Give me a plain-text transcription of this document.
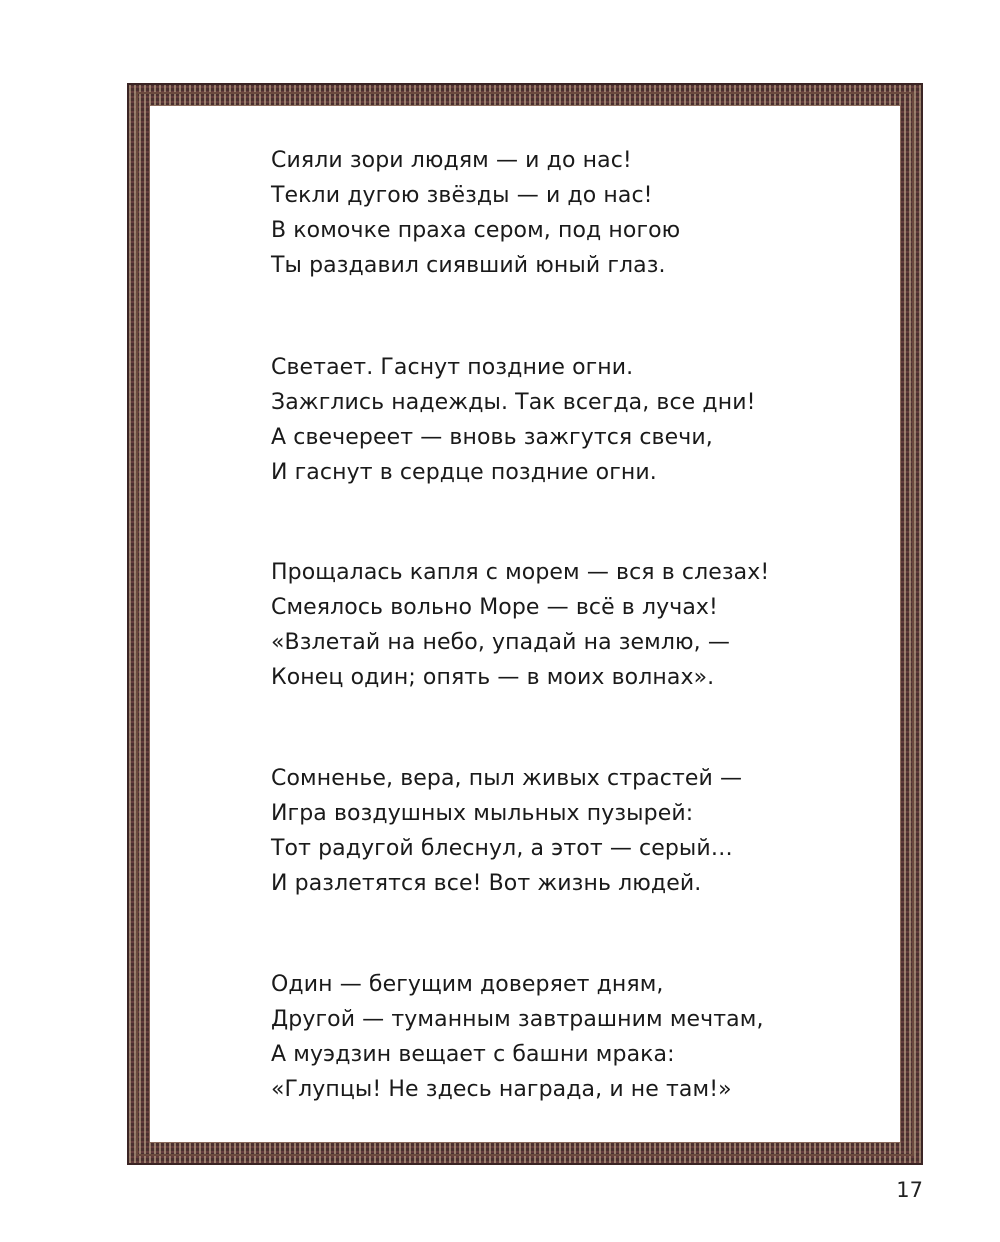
Сияли зори людям — и до нас!
Текли дугою звёзды — и до нас!
В комочке праха сером, под ногою
Ты раздавил сиявший юный глаз.
Светает. Гаснут поздние огни.
Зажглись надежды. Так всегда, все дни!
А свечереет — вновь зажгутся свечи,
И гаснут в сердце поздние огни.
Прощалась капля с морем — вся в слезах!
Смеялось вольно Море — всё в лучах!
«Взлетай на небо, упадай на землю, —
Конец один; опять — в моих волнах».
Сомненье, вера, пыл живых страстей —
Игра воздушных мыльных пузырей:
Тот радугой блеснул, а этот — серый…
И разлетятся все! Вот жизнь людей.
Один — бегущим доверяет дням,
Другой — туманным завтрашним мечтам,
А муэдзин вещает с башни мрака:
«Глупцы! Не здесь награда, и не там!»
17
